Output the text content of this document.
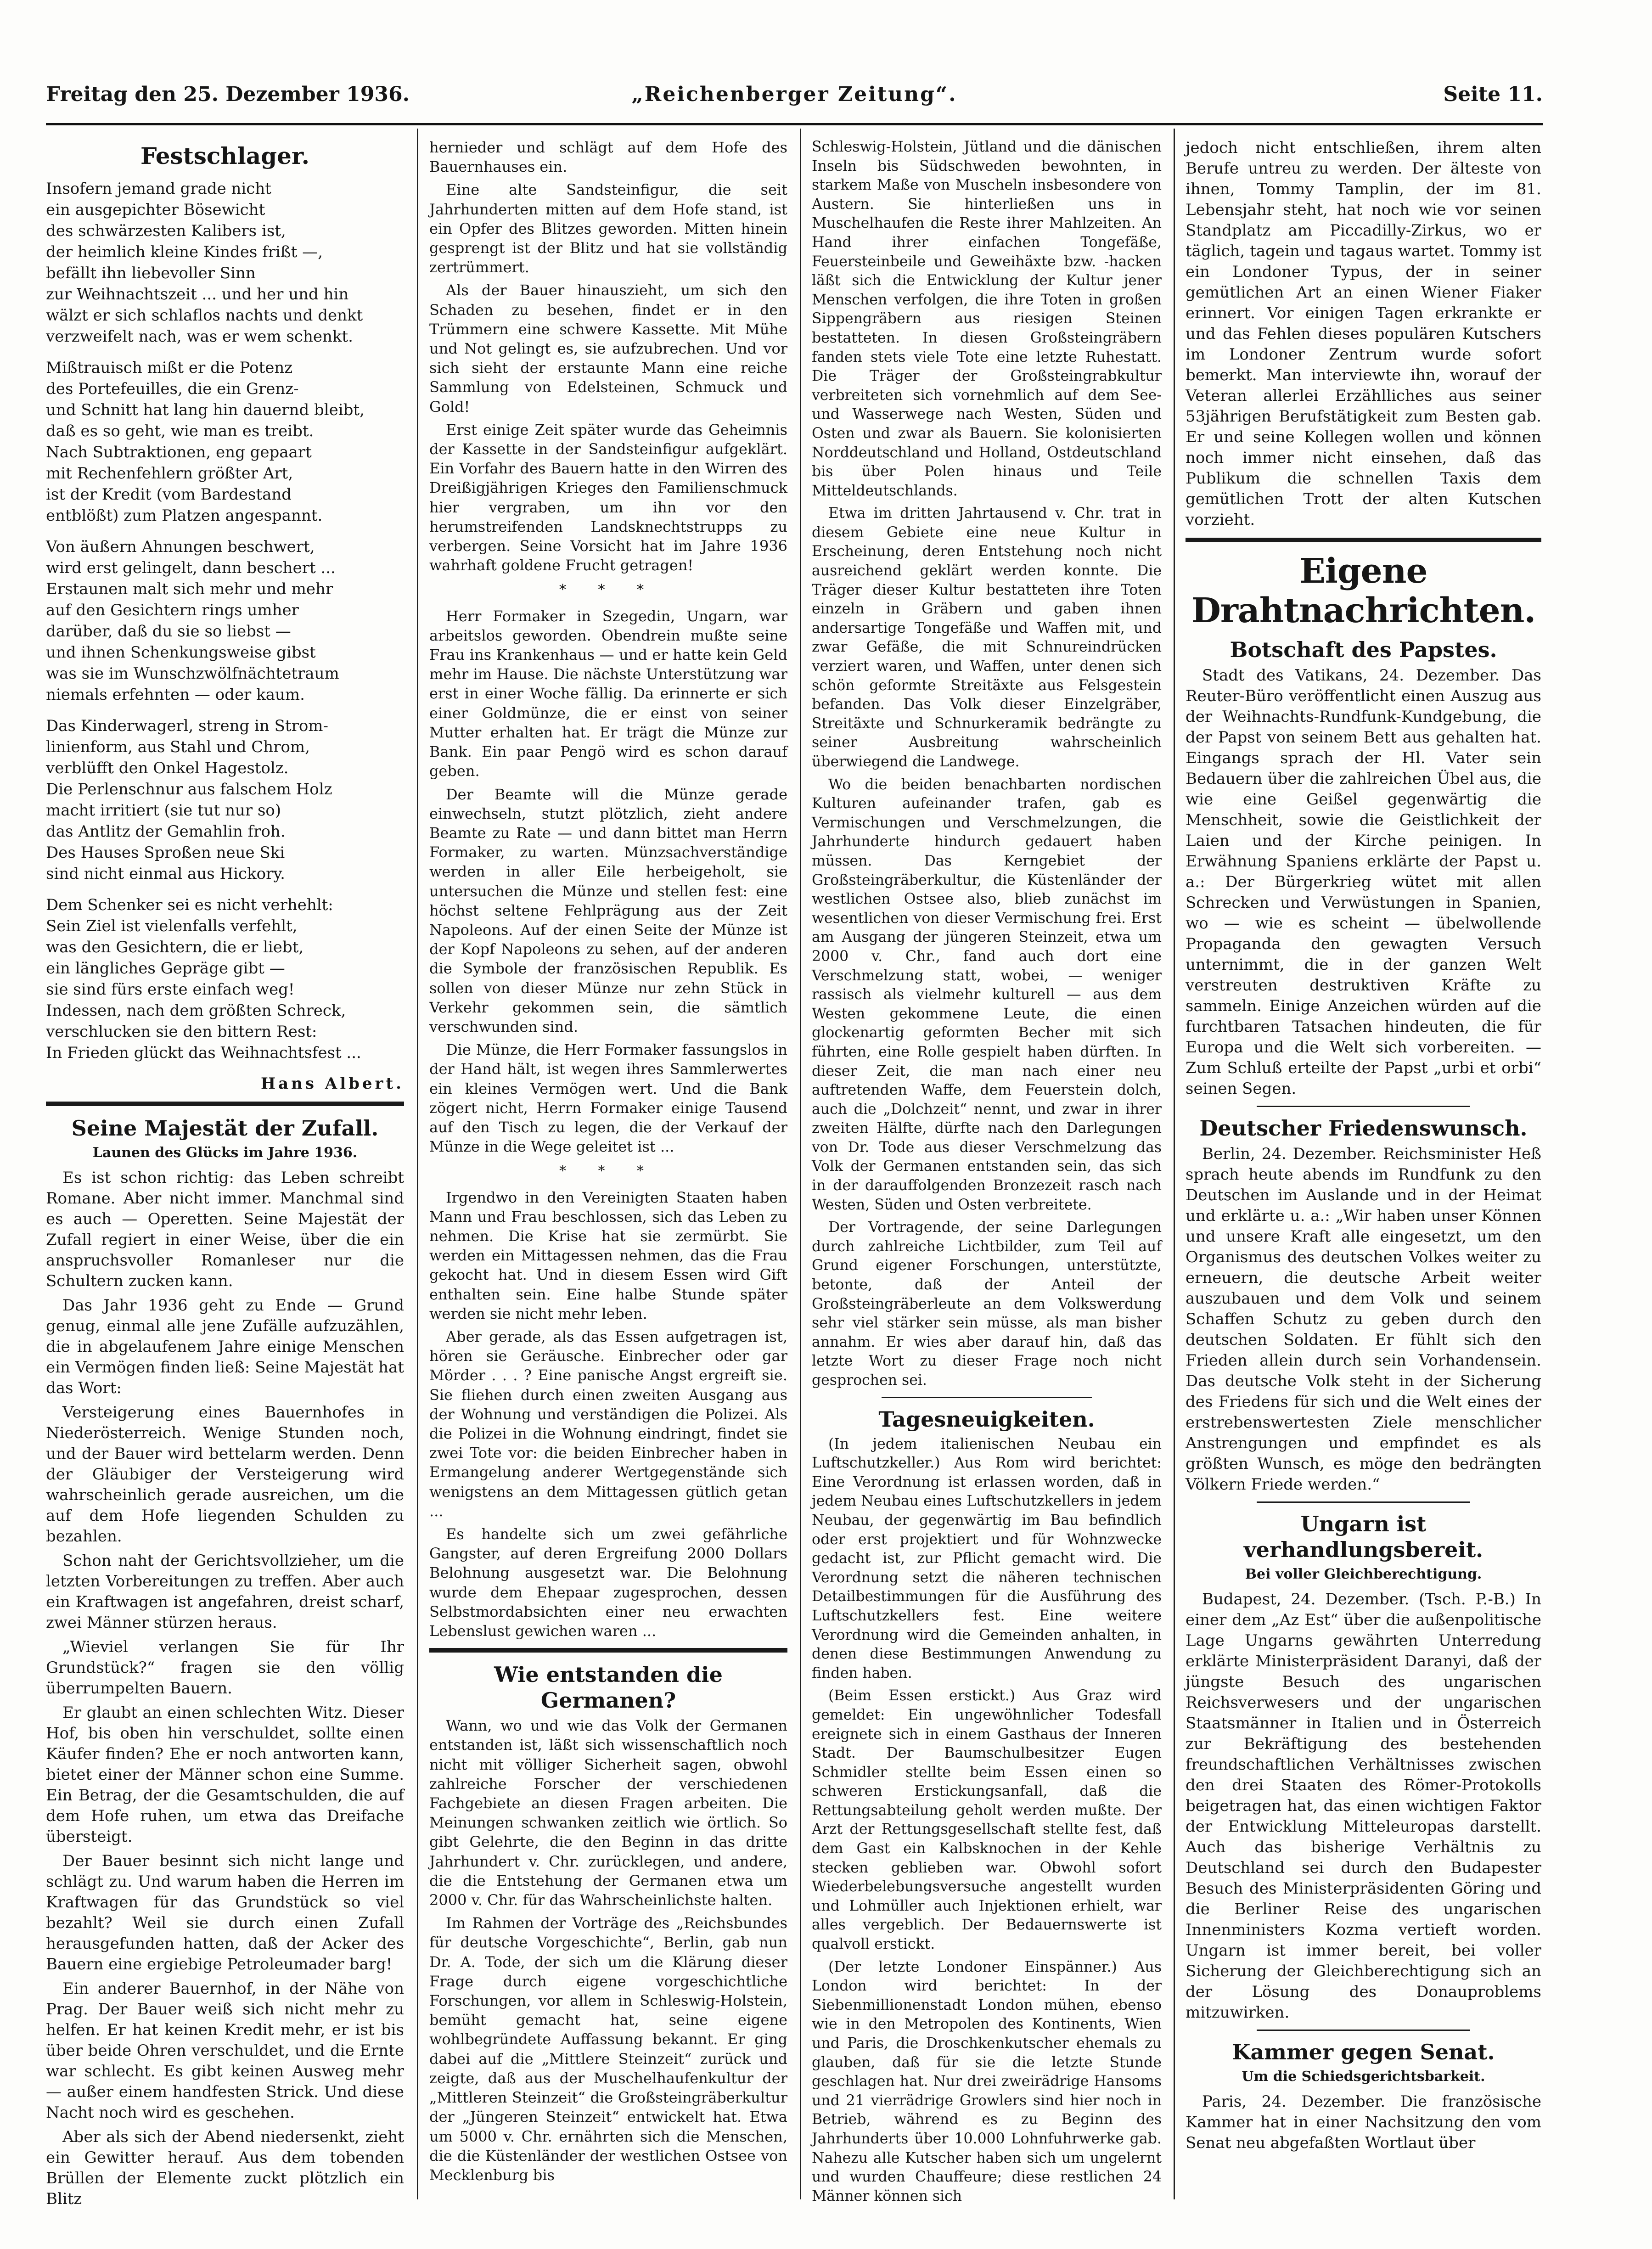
Freitag den 25. Dezember 1936.	„Reichenberger Zeitung“.	Seite 11.
Festschlager.
Insofern jemand grade nicht
ein ausgepichter Bösewicht
des schwärzesten Kalibers ist,
der heimlich kleine Kindes frißt —,
befällt ihn liebevoller Sinn
zur Weihnachtszeit ... und her und hin
wälzt er sich schlaflos nachts und denkt
verzweifelt nach, was er wem schenkt.
Mißtrauisch mißt er die Potenz
des Portefeuilles, die ein Grenz-
und Schnitt hat lang hin dauernd bleibt,
daß es so geht, wie man es treibt.
Nach Subtraktionen, eng gepaart
mit Rechenfehlern größter Art,
ist der Kredit (vom Bardestand
entblößt) zum Platzen angespannt.
Von äußern Ahnungen beschwert,
wird erst gelingelt, dann beschert ...
Erstaunen malt sich mehr und mehr
auf den Gesichtern rings umher
darüber, daß du sie so liebst —
und ihnen Schenkungsweise gibst
was sie im Wunschzwölfnächtetraum
niemals erfehnten — oder kaum.
Das Kinderwagerl, streng in Strom-
linienform, aus Stahl und Chrom,
verblüfft den Onkel Hagestolz.
Die Perlenschnur aus falschem Holz
macht irritiert (sie tut nur so)
das Antlitz der Gemahlin froh.
Des Hauses Sproßen neue Ski
sind nicht einmal aus Hickory.
Dem Schenker sei es nicht verhehlt:
Sein Ziel ist vielenfalls verfehlt,
was den Gesichtern, die er liebt,
ein längliches Gepräge gibt —
sie sind fürs erste einfach weg!
Indessen, nach dem größten Schreck,
verschlucken sie den bittern Rest:
In Frieden glückt das Weihnachtsfest ...
Hans Albert.
Seine Majestät der Zufall.
Launen des Glücks im Jahre 1936.

Es ist schon richtig: das Leben schreibt Romane. Aber nicht immer. Manchmal sind es auch — Operetten. Seine Majestät der Zufall regiert in einer Weise, über die ein anspruchsvoller Romanleser nur die Schultern zucken kann.

Das Jahr 1936 geht zu Ende — Grund genug, einmal alle jene Zufälle aufzuzählen, die in abgelaufenem Jahre einige Menschen ein Vermögen finden ließ: Seine Majestät hat das Wort:

Versteigerung eines Bauernhofes in Niederösterreich. Wenige Stunden noch, und der Bauer wird bettelarm werden. Denn der Gläubiger der Versteigerung wird wahrscheinlich gerade ausreichen, um die auf dem Hofe liegenden Schulden zu bezahlen.

Schon naht der Gerichtsvollzieher, um die letzten Vorbereitungen zu treffen. Aber auch ein Kraftwagen ist angefahren, dreist scharf, zwei Männer stürzen heraus.

„Wieviel verlangen Sie für Ihr Grundstück?“ fragen sie den völlig überrumpelten Bauern.

Er glaubt an einen schlechten Witz. Dieser Hof, bis oben hin verschuldet, sollte einen Käufer finden? Ehe er noch antworten kann, bietet einer der Männer schon eine Summe. Ein Betrag, der die Gesamtschulden, die auf dem Hofe ruhen, um etwa das Dreifache übersteigt.

Der Bauer besinnt sich nicht lange und schlägt zu. Und warum haben die Herren im Kraftwagen für das Grundstück so viel bezahlt? Weil sie durch einen Zufall herausgefunden hatten, daß der Acker des Bauern eine ergiebige Petroleumader barg!

Ein anderer Bauernhof, in der Nähe von Prag. Der Bauer weiß sich nicht mehr zu helfen. Er hat keinen Kredit mehr, er ist bis über beide Ohren verschuldet, und die Ernte war schlecht. Es gibt keinen Ausweg mehr — außer einem handfesten Strick. Und diese Nacht noch wird es geschehen.

Aber als sich der Abend niedersenkt, zieht ein Gewitter herauf. Aus dem tobenden Brüllen der Elemente zuckt plötzlich ein Blitz

hernieder und schlägt auf dem Hofe des Bauernhauses ein.

Eine alte Sandsteinfigur, die seit Jahrhunderten mitten auf dem Hofe stand, ist ein Opfer des Blitzes geworden. Mitten hinein gesprengt ist der Blitz und hat sie vollständig zertrümmert.

Als der Bauer hinauszieht, um sich den Schaden zu besehen, findet er in den Trümmern eine schwere Kassette. Mit Mühe und Not gelingt es, sie aufzubrechen. Und vor sich sieht der erstaunte Mann eine reiche Sammlung von Edelsteinen, Schmuck und Gold!

Erst einige Zeit später wurde das Geheimnis der Kassette in der Sandsteinfigur aufgeklärt. Ein Vorfahr des Bauern hatte in den Wirren des Dreißigjährigen Krieges den Familienschmuck hier vergraben, um ihn vor den herumstreifenden Landsknechtstrupps zu verbergen. Seine Vorsicht hat im Jahre 1936 wahrhaft goldene Frucht getragen!

* * *

Herr Formaker in Szegedin, Ungarn, war arbeitslos geworden. Obendrein mußte seine Frau ins Krankenhaus — und er hatte kein Geld mehr im Hause. Die nächste Unterstützung war erst in einer Woche fällig. Da erinnerte er sich einer Goldmünze, die er einst von seiner Mutter erhalten hat. Er trägt die Münze zur Bank. Ein paar Pengö wird es schon darauf geben.

Der Beamte will die Münze gerade einwechseln, stutzt plötzlich, zieht andere Beamte zu Rate — und dann bittet man Herrn Formaker, zu warten. Münzsachverständige werden in aller Eile herbeigeholt, sie untersuchen die Münze und stellen fest: eine höchst seltene Fehlprägung aus der Zeit Napoleons. Auf der einen Seite der Münze ist der Kopf Napoleons zu sehen, auf der anderen die Symbole der französischen Republik. Es sollen von dieser Münze nur zehn Stück in Verkehr gekommen sein, die sämtlich verschwunden sind.

Die Münze, die Herr Formaker fassungslos in der Hand hält, ist wegen ihres Sammlerwertes ein kleines Vermögen wert. Und die Bank zögert nicht, Herrn Formaker einige Tausend auf den Tisch zu legen, die der Verkauf der Münze in die Wege geleitet ist ...

* * *

Irgendwo in den Vereinigten Staaten haben Mann und Frau beschlossen, sich das Leben zu nehmen. Die Krise hat sie zermürbt. Sie werden ein Mittagessen nehmen, das die Frau gekocht hat. Und in diesem Essen wird Gift enthalten sein. Eine halbe Stunde später werden sie nicht mehr leben.

Aber gerade, als das Essen aufgetragen ist, hören sie Geräusche. Einbrecher oder gar Mörder . . . ? Eine panische Angst ergreift sie. Sie fliehen durch einen zweiten Ausgang aus der Wohnung und verständigen die Polizei. Als die Polizei in die Wohnung eindringt, findet sie zwei Tote vor: die beiden Einbrecher haben in Ermangelung anderer Wertgegenstände sich wenigstens an dem Mittagessen gütlich getan ...

Es handelte sich um zwei gefährliche Gangster, auf deren Ergreifung 2000 Dollars Belohnung ausgesetzt war. Die Belohnung wurde dem Ehepaar zugesprochen, dessen Selbstmordabsichten einer neu erwachten Lebenslust gewichen waren ...

Wie entstanden die Germanen?

Wann, wo und wie das Volk der Germanen entstanden ist, läßt sich wissenschaftlich noch nicht mit völliger Sicherheit sagen, obwohl zahlreiche Forscher der verschiedenen Fachgebiete an diesen Fragen arbeiten. Die Meinungen schwanken zeitlich wie örtlich. So gibt Gelehrte, die den Beginn in das dritte Jahrhundert v. Chr. zurücklegen, und andere, die die Entstehung der Germanen etwa um 2000 v. Chr. für das Wahrscheinlichste halten.

Im Rahmen der Vorträge des „Reichsbundes für deutsche Vorgeschichte“, Berlin, gab nun Dr. A. Tode, der sich um die Klärung dieser Frage durch eigene vorgeschichtliche Forschungen, vor allem in Schleswig-Holstein, bemüht gemacht hat, seine eigene wohlbegründete Auffassung bekannt. Er ging dabei auf die „Mittlere Steinzeit“ zurück und zeigte, daß aus der Muschelhaufenkultur der „Mittleren Steinzeit“ die Großsteingräberkultur der „Jüngeren Steinzeit“ entwickelt hat. Etwa um 5000 v. Chr. ernährten sich die Menschen, die die Küstenländer der westlichen Ostsee von Mecklenburg bis

Schleswig-Holstein, Jütland und die dänischen Inseln bis Südschweden bewohnten, in starkem Maße von Muscheln insbesondere von Austern. Sie hinterließen uns in Muschelhaufen die Reste ihrer Mahlzeiten. An Hand ihrer einfachen Tongefäße, Feuersteinbeile und Geweihäxte bzw. -hacken läßt sich die Entwicklung der Kultur jener Menschen verfolgen, die ihre Toten in großen Sippengräbern aus riesigen Steinen bestatteten. In diesen Großsteingräbern fanden stets viele Tote eine letzte Ruhestatt. Die Träger der Großsteingrabkultur verbreiteten sich vornehmlich auf dem See- und Wasserwege nach Westen, Süden und Osten und zwar als Bauern. Sie kolonisierten Norddeutschland und Holland, Ostdeutschland bis über Polen hinaus und Teile Mitteldeutschlands.

Etwa im dritten Jahrtausend v. Chr. trat in diesem Gebiete eine neue Kultur in Erscheinung, deren Entstehung noch nicht ausreichend geklärt werden konnte. Die Träger dieser Kultur bestatteten ihre Toten einzeln in Gräbern und gaben ihnen andersartige Tongefäße und Waffen mit, und zwar Gefäße, die mit Schnureindrücken verziert waren, und Waffen, unter denen sich schön geformte Streitäxte aus Felsgestein befanden. Das Volk dieser Einzelgräber, Streitäxte und Schnurkeramik bedrängte zu seiner Ausbreitung wahrscheinlich überwiegend die Landwege.

Wo die beiden benachbarten nordischen Kulturen aufeinander trafen, gab es Vermischungen und Verschmelzungen, die Jahrhunderte hindurch gedauert haben müssen. Das Kerngebiet der Großsteingräberkultur, die Küstenländer der westlichen Ostsee also, blieb zunächst im wesentlichen von dieser Vermischung frei. Erst am Ausgang der jüngeren Steinzeit, etwa um 2000 v. Chr., fand auch dort eine Verschmelzung statt, wobei, — weniger rassisch als vielmehr kulturell — aus dem Westen gekommene Leute, die einen glockenartig geformten Becher mit sich führten, eine Rolle gespielt haben dürften. In dieser Zeit, die man nach einer neu auftretenden Waffe, dem Feuerstein dolch, auch die „Dolchzeit“ nennt, und zwar in ihrer zweiten Hälfte, dürfte nach den Darlegungen von Dr. Tode aus dieser Verschmelzung das Volk der Germanen entstanden sein, das sich in der darauffolgenden Bronzezeit rasch nach Westen, Süden und Osten verbreitete.

Der Vortragende, der seine Darlegungen durch zahlreiche Lichtbilder, zum Teil auf Grund eigener Forschungen, unterstützte, betonte, daß der Anteil der Großsteingräberleute an dem Volkswerdung sehr viel stärker sein müsse, als man bisher annahm. Er wies aber darauf hin, daß das letzte Wort zu dieser Frage noch nicht gesprochen sei.

Tagesneuigkeiten.

(In jedem italienischen Neubau ein Luftschutzkeller.) Aus Rom wird berichtet: Eine Verordnung ist erlassen worden, daß in jedem Neubau eines Luftschutzkellers in jedem Neubau, der gegenwärtig im Bau befindlich oder erst projektiert und für Wohnzwecke gedacht ist, zur Pflicht gemacht wird. Die Verordnung setzt die näheren technischen Detailbestimmungen für die Ausführung des Luftschutzkellers fest. Eine weitere Verordnung wird die Gemeinden anhalten, in denen diese Bestimmungen Anwendung zu finden haben.

(Beim Essen erstickt.) Aus Graz wird gemeldet: Ein ungewöhnlicher Todesfall ereignete sich in einem Gasthaus der Inneren Stadt. Der Baumschulbesitzer Eugen Schmidler stellte beim Essen einen so schweren Erstickungsanfall, daß die Rettungsabteilung geholt werden mußte. Der Arzt der Rettungsgesellschaft stellte fest, daß dem Gast ein Kalbsknochen in der Kehle stecken geblieben war. Obwohl sofort Wiederbelebungsversuche angestellt wurden und Lohmüller auch Injektionen erhielt, war alles vergeblich. Der Bedauernswerte ist qualvoll erstickt.

(Der letzte Londoner Einspänner.) Aus London wird berichtet: In der Siebenmillionenstadt London mühen, ebenso wie in den Metropolen des Kontinents, Wien und Paris, die Droschkenkutscher ehemals zu glauben, daß für sie die letzte Stunde geschlagen hat. Nur drei zweirädrige Hansoms und 21 vierrädrige Growlers sind hier noch in Betrieb, während es zu Beginn des Jahrhunderts über 10.000 Lohnfuhrwerke gab. Nahezu alle Kutscher haben sich um ungelernt und wurden Chauffeure; diese restlichen 24 Männer können sich

jedoch nicht entschließen, ihrem alten Berufe untreu zu werden. Der älteste von ihnen, Tommy Tamplin, der im 81. Lebensjahr steht, hat noch wie vor seinen Standplatz am Piccadilly-Zirkus, wo er täglich, tagein und tagaus wartet. Tommy ist ein Londoner Typus, der in seiner gemütlichen Art an einen Wiener Fiaker erinnert. Vor einigen Tagen erkrankte er und das Fehlen dieses populären Kutschers im Londoner Zentrum wurde sofort bemerkt. Man interviewte ihn, worauf der Veteran allerlei Erzählliches aus seiner 53jährigen Berufstätigkeit zum Besten gab. Er und seine Kollegen wollen und können noch immer nicht einsehen, daß das Publikum die schnellen Taxis dem gemütlichen Trott der alten Kutschen vorzieht.

Eigene Drahtnachrichten.
Botschaft des Papstes.

Stadt des Vatikans, 24. Dezember. Das Reuter-Büro veröffentlicht einen Auszug aus der Weihnachts-Rundfunk-Kundgebung, die der Papst von seinem Bett aus gehalten hat. Eingangs sprach der Hl. Vater sein Bedauern über die zahlreichen Übel aus, die wie eine Geißel gegenwärtig die Menschheit, sowie die Geistlichkeit der Laien und der Kirche peinigen. In Erwähnung Spaniens erklärte der Papst u. a.: Der Bürgerkrieg wütet mit allen Schrecken und Verwüstungen in Spanien, wo — wie es scheint — übelwollende Propaganda den gewagten Versuch unternimmt, die in der ganzen Welt verstreuten destruktiven Kräfte zu sammeln. Einige Anzeichen würden auf die furchtbaren Tatsachen hindeuten, die für Europa und die Welt sich vorbereiten. — Zum Schluß erteilte der Papst „urbi et orbi“ seinen Segen.

Deutscher Friedenswunsch.

Berlin, 24. Dezember. Reichsminister Heß sprach heute abends im Rundfunk zu den Deutschen im Auslande und in der Heimat und erklärte u. a.: „Wir haben unser Können und unsere Kraft alle eingesetzt, um den Organismus des deutschen Volkes weiter zu erneuern, die deutsche Arbeit weiter auszubauen und dem Volk und seinem Schaffen Schutz zu geben durch den deutschen Soldaten. Er fühlt sich den Frieden allein durch sein Vorhandensein. Das deutsche Volk steht in der Sicherung des Friedens für sich und die Welt eines der erstrebenswertesten Ziele menschlicher Anstrengungen und empfindet es als größten Wunsch, es möge den bedrängten Völkern Friede werden.“

Ungarn ist verhandlungsbereit.
Bei voller Gleichberechtigung.

Budapest, 24. Dezember. (Tsch. P.-B.) In einer dem „Az Est“ über die außenpolitische Lage Ungarns gewährten Unterredung erklärte Ministerpräsident Daranyi, daß der jüngste Besuch des ungarischen Reichsverwesers und der ungarischen Staatsmänner in Italien und in Österreich zur Bekräftigung des bestehenden freundschaftlichen Verhältnisses zwischen den drei Staaten des Römer-Protokolls beigetragen hat, das einen wichtigen Faktor der Entwicklung Mitteleuropas darstellt. Auch das bisherige Verhältnis zu Deutschland sei durch den Budapester Besuch des Ministerpräsidenten Göring und die Berliner Reise des ungarischen Innenministers Kozma vertieft worden. Ungarn ist immer bereit, bei voller Sicherung der Gleichberechtigung sich an der Lösung des Donauproblems mitzuwirken.

Kammer gegen Senat.
Um die Schiedsgerichtsbarkeit.

Paris, 24. Dezember. Die französische Kammer hat in einer Nachsitzung den vom Senat neu abgefaßten Wortlaut über
